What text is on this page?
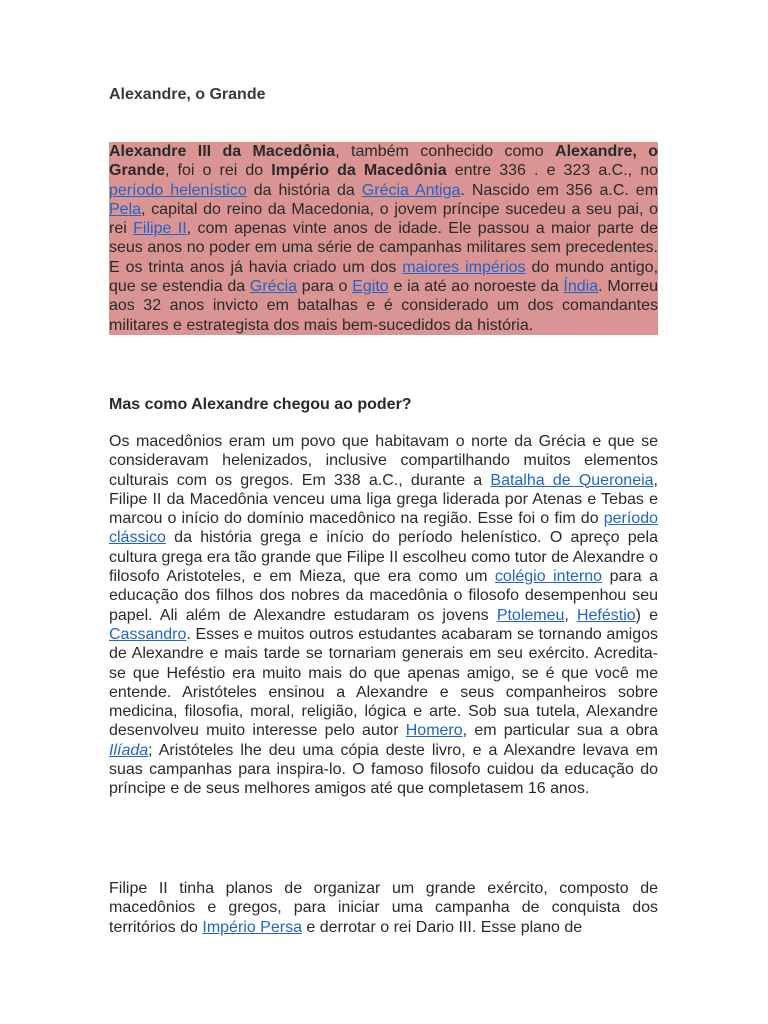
Alexandre, o Grande
Alexandre III da Macedônia, também conhecido como Alexandre, o Grande, foi o rei do Império da Macedônia entre 336 . e 323 a.C., no período helenístico da história da Grécia Antiga. Nascido em 356 a.C. em Pela, capital do reino da Macedonia, o jovem príncipe sucedeu a seu pai, o rei Filipe II, com apenas vinte anos de idade. Ele passou a maior parte de seus anos no poder em uma série de campanhas militares sem precedentes. E os trinta anos já havia criado um dos maiores impérios do mundo antigo, que se estendia da Grécia para o Egito e ia até ao noroeste da Índia. Morreu aos 32 anos invicto em batalhas e é considerado um dos comandantes militares e estrategista dos mais bem-sucedidos da história.
Mas como Alexandre chegou ao poder?
Os macedônios eram um povo que habitavam o norte da Grécia e que se consideravam helenizados, inclusive compartilhando muitos elementos culturais com os gregos. Em 338 a.C., durante a Batalha de Queroneia, Filipe II da Macedônia venceu uma liga grega liderada por Atenas e Tebas e marcou o início do domínio macedônico na região. Esse foi o fim do período clássico da história grega e início do período helenístico. O apreço pela cultura grega era tão grande que Filipe II escolheu como tutor de Alexandre o filosofo Aristoteles, e em Mieza, que era como um colégio interno para a educação dos filhos dos nobres da macedônia o filosofo desempenhou seu papel. Ali além de Alexandre estudaram os jovens Ptolemeu, Heféstio) e Cassandro. Esses e muitos outros estudantes acabaram se tornando amigos de Alexandre e mais tarde se tornariam generais em seu exército. Acredita-se que Heféstio era muito mais do que apenas amigo, se é que você me entende. Aristóteles ensinou a Alexandre e seus companheiros sobre medicina, filosofia, moral, religião, lógica e arte. Sob sua tutela, Alexandre desenvolveu muito interesse pelo autor Homero, em particular sua a obra Ilíada; Aristóteles lhe deu uma cópia deste livro, e a Alexandre levava em suas campanhas para inspira-lo. O famoso filosofo cuidou da educação do príncipe e de seus melhores amigos até que completasem 16 anos.
Filipe II tinha planos de organizar um grande exército, composto de macedônios e gregos, para iniciar uma campanha de conquista dos territórios do Império Persa e derrotar o rei Dario III. Esse plano de
